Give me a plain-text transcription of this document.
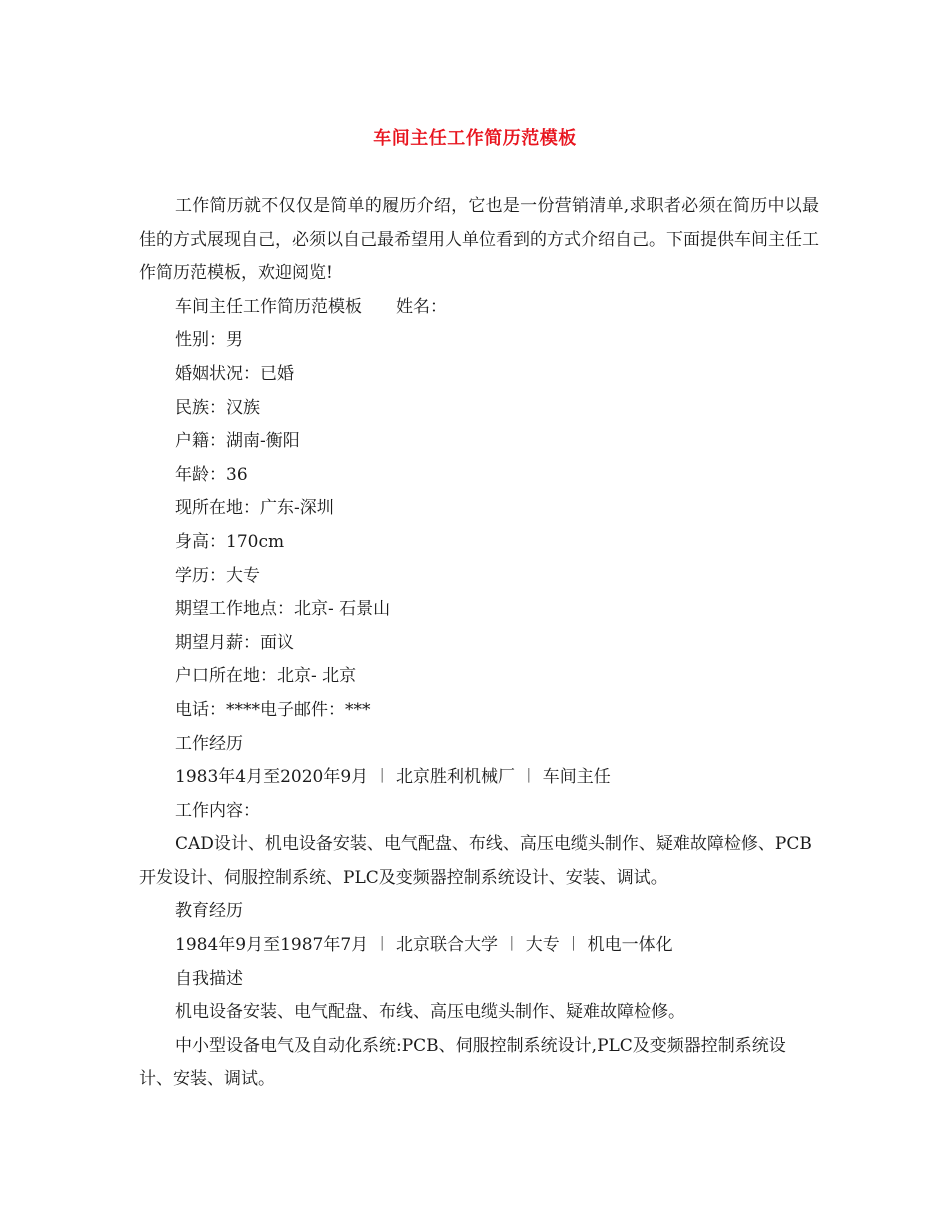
车间主任工作简历范模板

工作简历就不仅仅是简单的履历介绍，它也是一份营销清单,求职者必须在简历中以最佳的方式展现自己，必须以自己最希望用人单位看到的方式介绍自己。下面提供车间主任工作简历范模板，欢迎阅览!

车间主任工作简历范模板　　姓名：

性别：男

婚姻状况：已婚

民族：汉族

户籍：湖南-衡阳

年龄：36

现所在地：广东-深圳

身高：170cm

学历：大专

期望工作地点：北京- 石景山

期望月薪：面议

户口所在地：北京- 北京

电话：****电子邮件：***

工作经历

1983年4月至2020年9月 ︱ 北京胜利机械厂 ︱ 车间主任

工作内容：

CAD设计、机电设备安装、电气配盘、布线、高压电缆头制作、疑难故障检修、PCB开发设计、伺服控制系统、PLC及变频器控制系统设计、安装、调试。

教育经历

1984年9月至1987年7月 ︱ 北京联合大学 ︱ 大专 ︱ 机电一体化

自我描述

机电设备安装、电气配盘、布线、高压电缆头制作、疑难故障检修。

中小型设备电气及自动化系统:PCB、伺服控制系统设计,PLC及变频器控制系统设计、安装、调试。
